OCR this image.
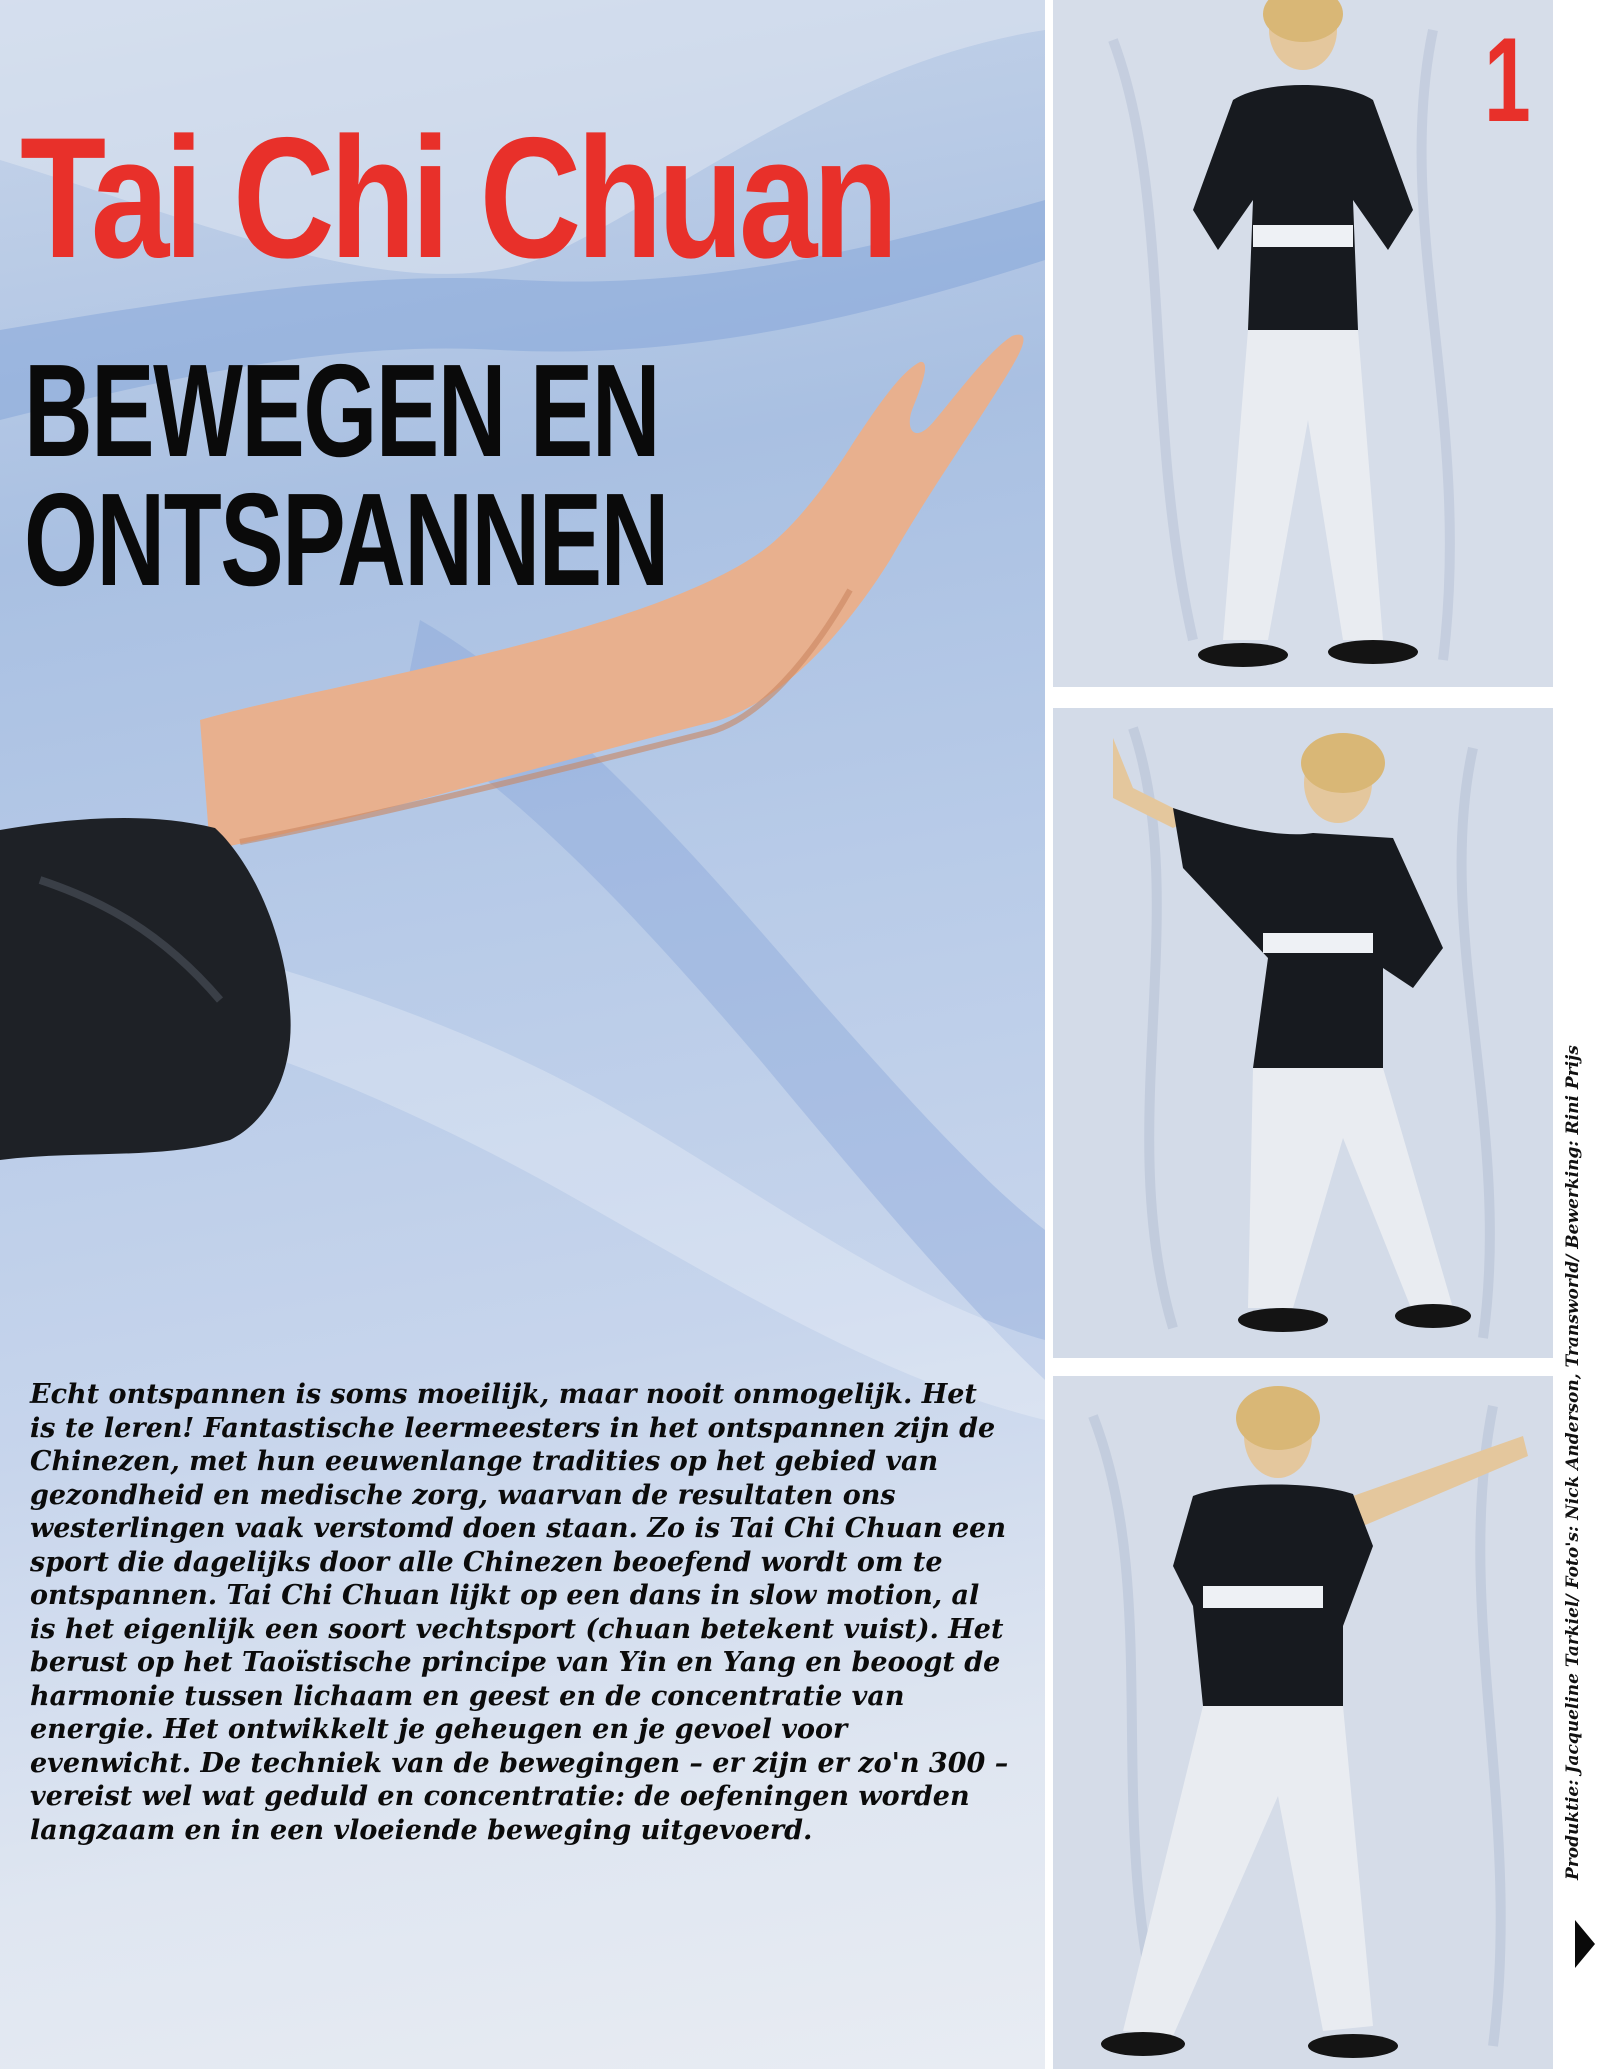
Tai Chi Chuan
BEWEGEN EN
ONTSPANNEN

Echt ontspannen is soms moeilijk, maar nooit onmogelijk. Het is te leren! Fantastische leermeesters in het ontspannen zijn de Chinezen, met hun eeuwenlange tradities op het gebied van gezondheid en medische zorg, waarvan de resultaten ons westerlingen vaak verstomd doen staan. Zo is Tai Chi Chuan een sport die dagelijks door alle Chinezen beoefend wordt om te ontspannen. Tai Chi Chuan lijkt op een dans in slow motion, al is het eigenlijk een soort vechtsport (chuan betekent vuist). Het berust op het Taoïstische principe van Yin en Yang en beoogt de harmonie tussen lichaam en geest en de concentratie van energie. Het ontwikkelt je geheugen en je gevoel voor evenwicht. De techniek van de bewegingen – er zijn er zo'n 300 – vereist wel wat geduld en concentratie: de oefeningen worden langzaam en in een vloeiende beweging uitgevoerd.

1
Produktie: Jacqueline Tarkiel/ Foto's: Nick Anderson, Transworld/ Bewerking: Rini Prijs
